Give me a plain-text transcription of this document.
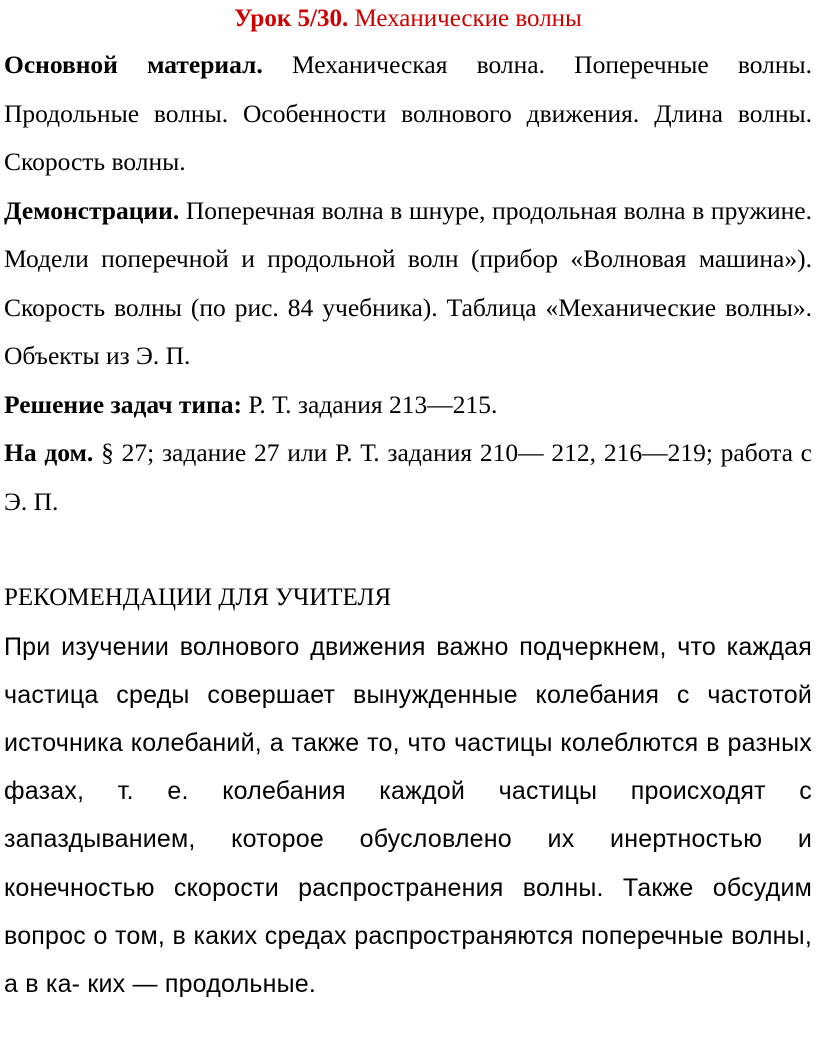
Урок 5/30. Механические волны

Основной материал. Механическая волна. Поперечные волны. Продольные волны. Особенности волнового движения. Длина волны. Скорость волны.

Демонстрации. Поперечная волна в шнуре, продольная волна в пружине. Модели поперечной и продольной волн (прибор «Волновая машина»). Скорость волны (по рис. 84 учебника). Таблица «Механические волны». Объекты из Э. П.

Решение задач типа: Р. Т. задания 213—215.

На дом. § 27; задание 27 или Р. Т. задания 210— 212, 216—219; работа с Э. П.

РЕКОМЕНДАЦИИ ДЛЯ УЧИТЕЛЯ

При изучении волнового движения важно подчеркнем, что каждая частица среды совершает вынужденные колебания с частотой источника колебаний, а также то, что частицы колеблются в разных фазах, т. е. колебания каждой частицы происходят с запаздыванием, которое обусловлено их инертностью и конечностью скорости распространения волны. Также обсудим вопрос о том, в каких средах распространяются поперечные волны, а в ка- ких — продольные.
